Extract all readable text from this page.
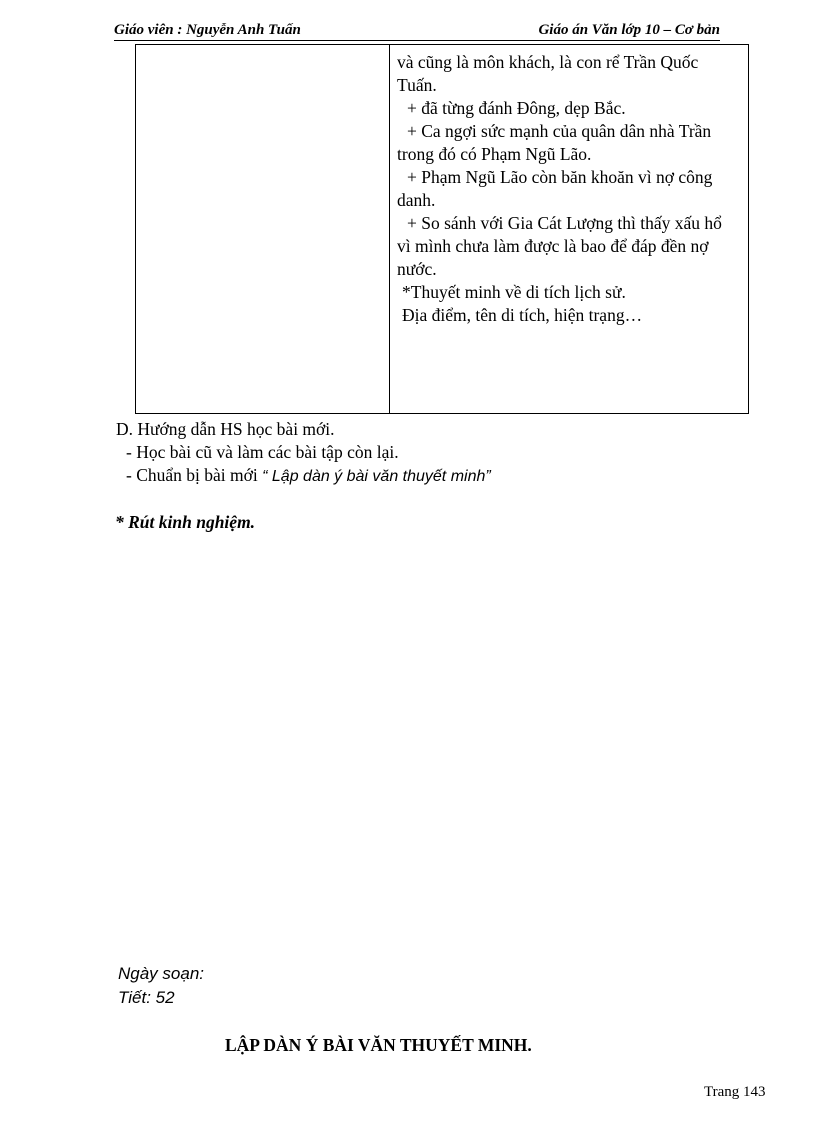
Giáo viên : Nguyễn Anh Tuấn	Giáo án Văn lớp 10 – Cơ bản

và cũng là môn khách, là con rể Trần Quốc

Tuấn.

+ đã từng đánh Đông, dẹp Bắc.

+ Ca ngợi sức mạnh của quân dân nhà Trần

trong đó có Phạm Ngũ Lão.

+ Phạm Ngũ Lão còn băn khoăn vì nợ công

danh.

+ So sánh với Gia Cát Lượng thì thấy xấu hổ

vì mình chưa làm được là bao để đáp đền nợ

nước.

*Thuyết minh về di tích lịch sử.

Địa điểm, tên di tích, hiện trạng…

D. Hướng dẫn HS học bài mới.
- Học bài cũ và làm các bài tập còn lại.
- Chuẩn bị bài mới “ Lập dàn ý bài văn thuyết minh”
* Rút kinh nghiệm.
Ngày soạn:
Tiết: 52
LẬP DÀN Ý BÀI VĂN THUYẾT MINH.
Trang 143
